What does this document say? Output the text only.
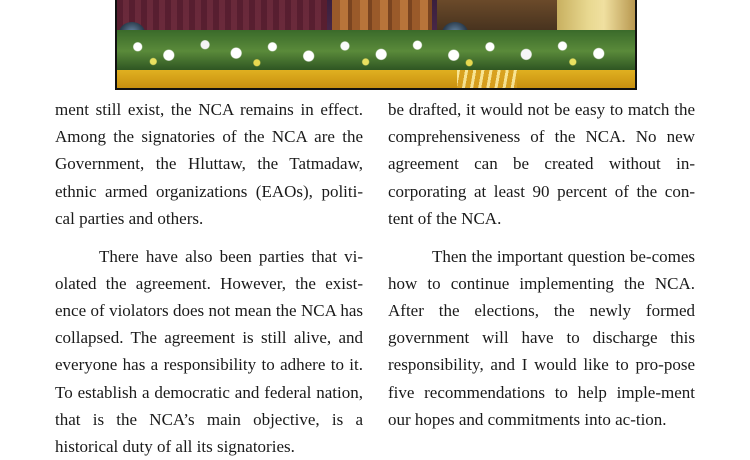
ment still exist, the NCA remains in effect. Among the signatories of the NCA are the Government, the Hluttaw, the Tatmadaw, ethnic armed organizations (EAOs), politi-cal parties and others.

There have also been parties that vi-olated the agreement. However, the exist-ence of violators does not mean the NCA has collapsed. The agreement is still alive, and everyone has a responsibility to adhere to it. To establish a democratic and federal nation, that is the NCA’s main objective, is a historical duty of all its signatories.

be drafted, it would not be easy to match the comprehensiveness of the NCA. No new agreement can be created without in-corporating at least 90 percent of the con-tent of the NCA.

Then the important question be-comes how to continue implementing the NCA. After the elections, the newly formed government will have to discharge this responsibility, and I would like to pro-pose five recommendations to help imple-ment our hopes and commitments into ac-tion.
